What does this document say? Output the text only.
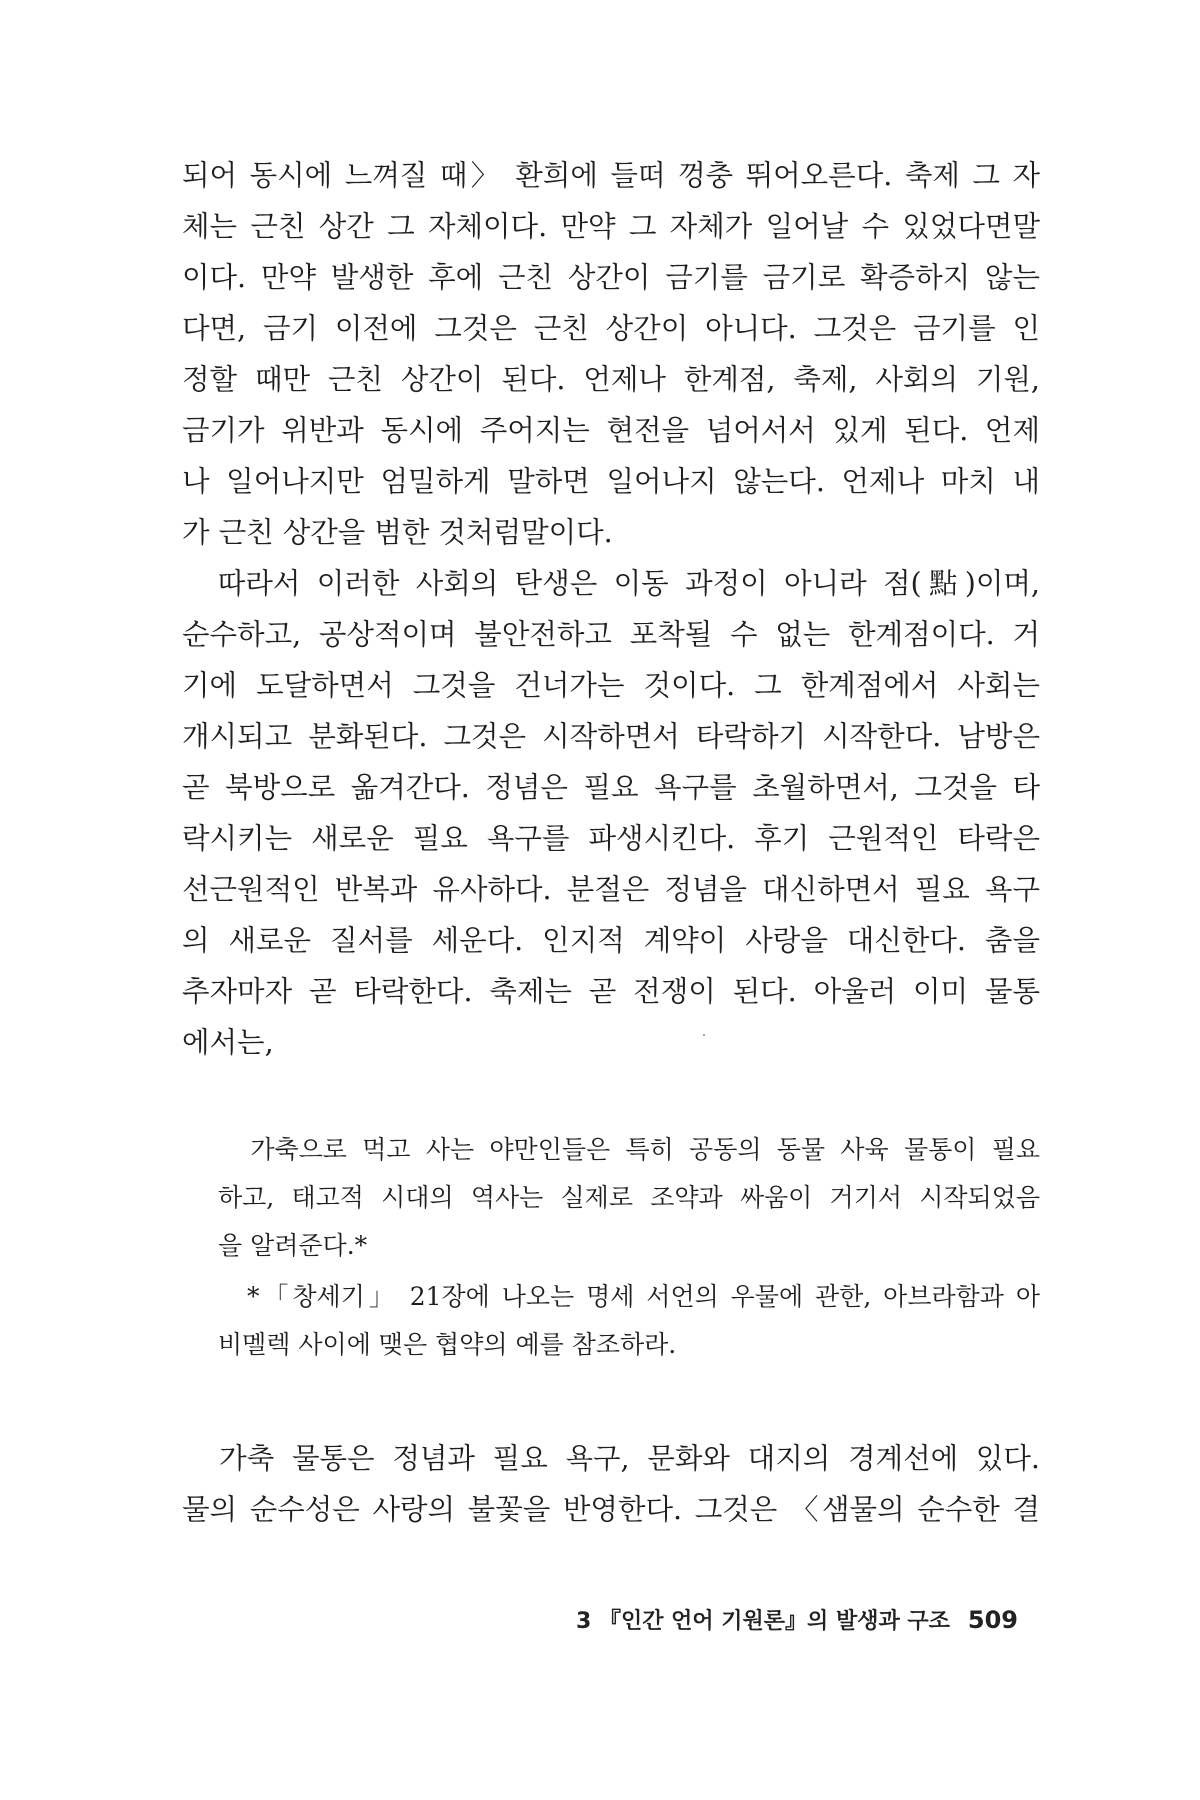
되어 동시에 느껴질 때〉 환희에 들떠 껑충 뛰어오른다. 축제 그 자

체는 근친 상간 그 자체이다. 만약 그 자체가 일어날 수 있었다면말

이다. 만약 발생한 후에 근친 상간이 금기를 금기로 확증하지 않는

다면, 금기 이전에 그것은 근친 상간이 아니다. 그것은 금기를 인

정할 때만 근친 상간이 된다. 언제나 한계점, 축제, 사회의 기원,

금기가 위반과 동시에 주어지는 현전을 넘어서서 있게 된다. 언제

나 일어나지만 엄밀하게 말하면 일어나지 않는다. 언제나 마치 내

가 근친 상간을 범한 것처럼말이다.

　따라서 이러한 사회의 탄생은 이동 과정이 아니라 점(點)이며,

순수하고, 공상적이며 불안전하고 포착될 수 없는 한계점이다. 거

기에 도달하면서 그것을 건너가는 것이다. 그 한계점에서 사회는

개시되고 분화된다. 그것은 시작하면서 타락하기 시작한다. 남방은

곧 북방으로 옮겨간다. 정념은 필요 욕구를 초월하면서, 그것을 타

락시키는 새로운 필요 욕구를 파생시킨다. 후기 근원적인 타락은

선근원적인 반복과 유사하다. 분절은 정념을 대신하면서 필요 욕구

의 새로운 질서를 세운다. 인지적 계약이 사랑을 대신한다. 춤을

추자마자 곧 타락한다. 축제는 곧 전쟁이 된다. 아울러 이미 물통

에서는,

　가축으로 먹고 사는 야만인들은 특히 공동의 동물 사육 물통이 필요

하고, 태고적 시대의 역사는 실제로 조약과 싸움이 거기서 시작되었음

을 알려준다.*

　*「창세기」 21장에 나오는 명세 서언의 우물에 관한, 아브라함과 아

비멜렉 사이에 맺은 협약의 예를 참조하라.

　가축 물통은 정념과 필요 욕구, 문화와 대지의 경계선에 있다.

물의 순수성은 사랑의 불꽃을 반영한다. 그것은 〈샘물의 순수한 결

3 『인간 언어 기원론』의 발생과 구조 509
